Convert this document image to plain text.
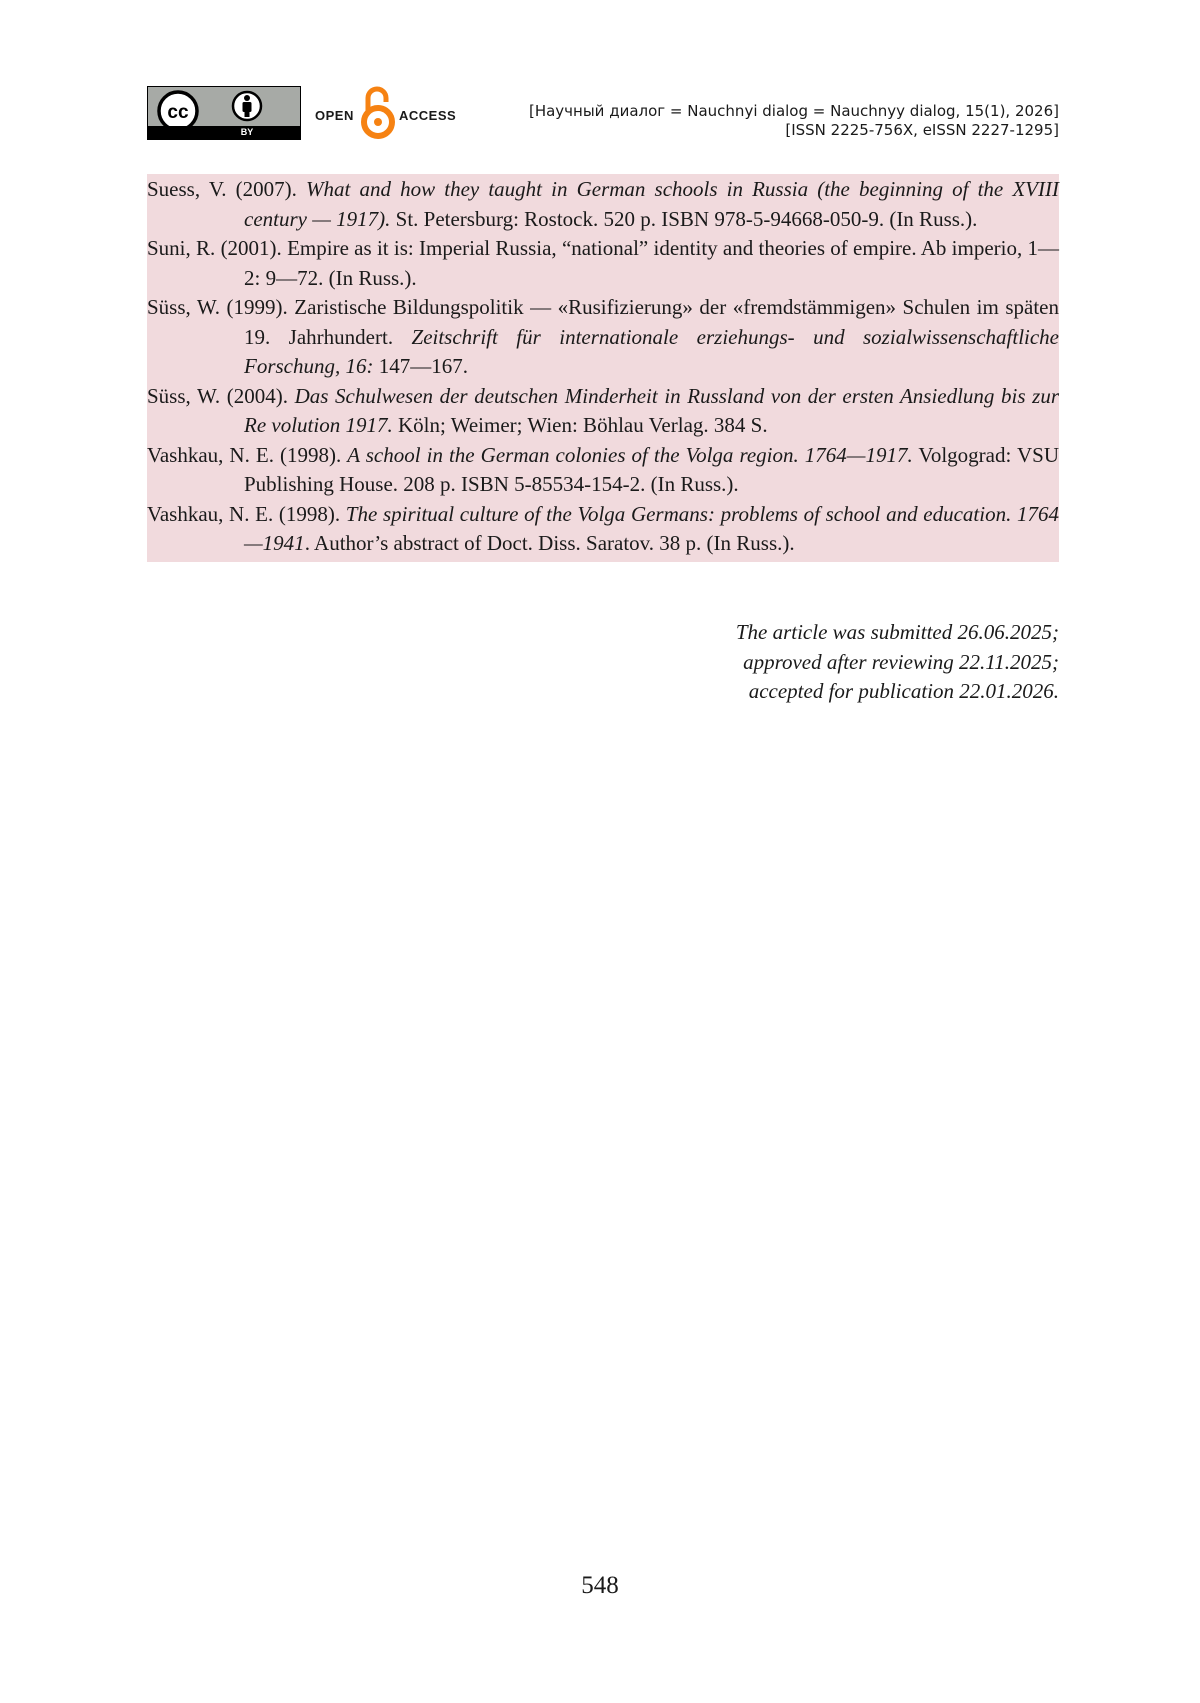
cc
BY
OPEN	ACCESS	[Научный диалог = Nauchnyi dialog = Nauchnyy dialog, 15(1), 2026]
[ISSN 2225-756X, eISSN 2227-1295]
Suess, V. (2007). What and how they taught in German schools in Russia (the beginning of the XVIII century — 1917). St. Petersburg: Rostock. 520 p. ISBN 978-5-94668-050-9. (In Russ.).
Suni, R. (2001). Empire as it is: Imperial Russia, “national” identity and theories of empire. Ab imperio, 1—2: 9—72. (In Russ.).
Süss, W. (1999). Zaristische Bildungspolitik — «Rusifizierung» der «fremdstämmigen» Schulen im späten 19. Jahrhundert. Zeitschrift für internationale erziehungs- und sozialwissenschaftliche Forschung, 16: 147—167.
Süss, W. (2004). Das Schulwesen der deutschen Minderheit in Russland von der ersten Ansiedlung bis zur Re volution 1917. Köln; Weimer; Wien: Böhlau Verlag. 384 S.
Vashkau, N. E. (1998). A school in the German colonies of the Volga region. 1764—1917. Volgograd: VSU Publishing House. 208 p. ISBN 5-85534-154-2. (In Russ.).
Vashkau, N. E. (1998). The spiritual culture of the Volga Germans: problems of school and education. 1764—1941. Author’s abstract of Doct. Diss. Saratov. 38 p. (In Russ.).
The article was submitted 26.06.2025;
approved after reviewing 22.11.2025;
accepted for publication 22.01.2026.
548
